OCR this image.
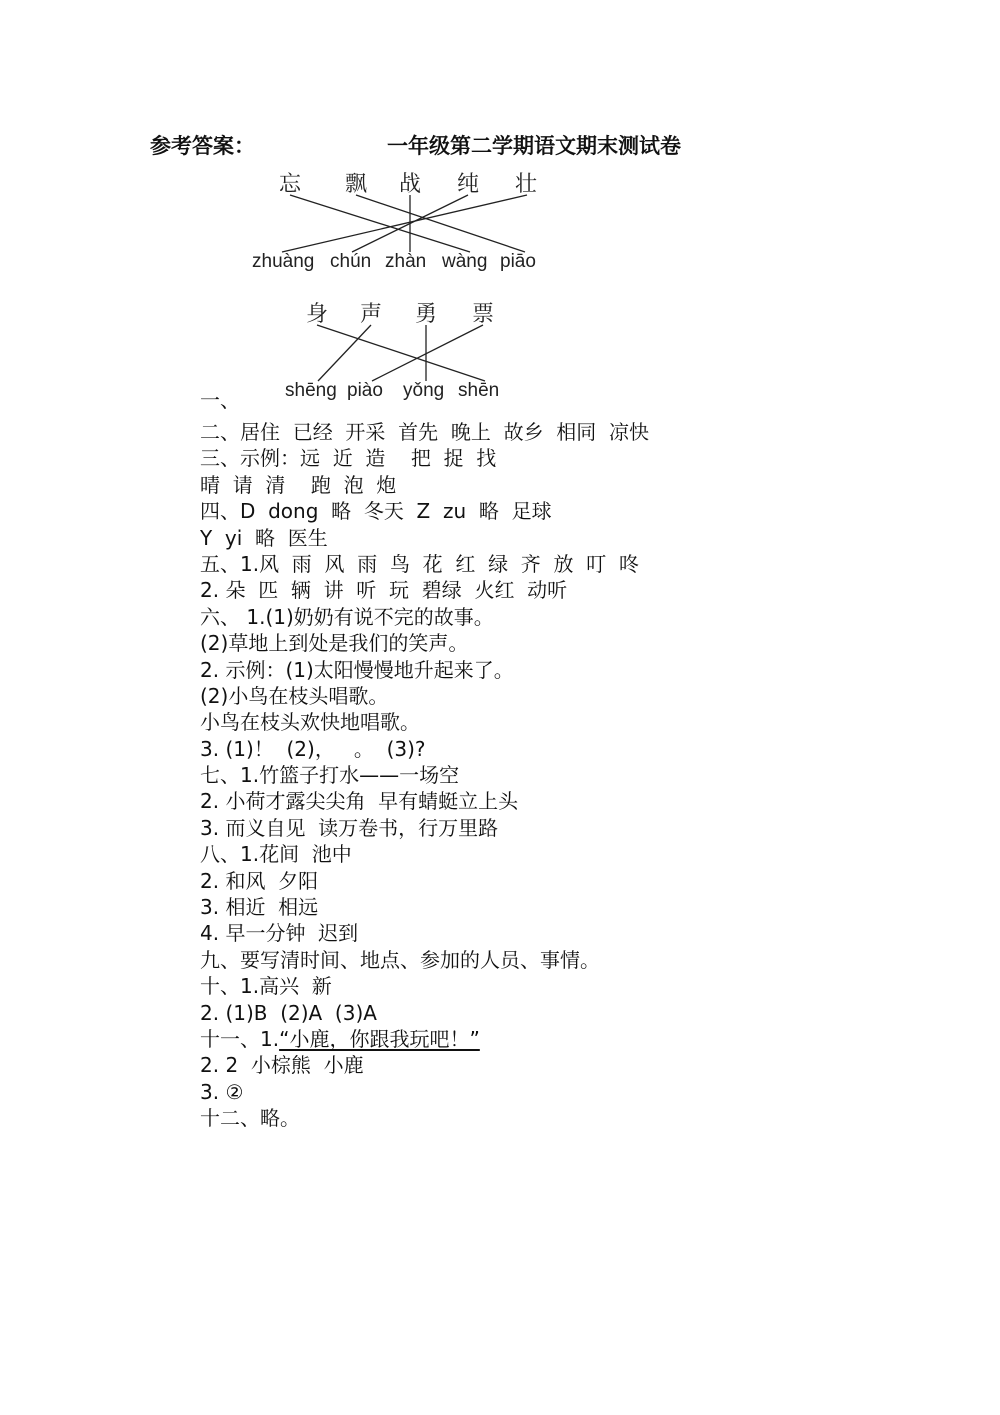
参考答案：	一年级第二学期语文期末测试卷
忘 飘 战 纯 壮
zhuàng chún zhàn wàng piāo
身 声 勇 票
shēng piào yǒng shēn
一、
二、居住  已经  开采  首先  晚上  故乡  相同  凉快
三、示例：远  近  造    把  捉  找
晴  请  清    跑  泡  炮
四、D  dong  略  冬天  Z  zu  略  足球
Y  yi  略  医生
五、1.风  雨  风  雨  鸟  花  红  绿  齐  放  叮  咚
2. 朵  匹  辆  讲  听  玩  碧绿  火红  动听
六、 1.(1)奶奶有说不完的故事。
(2)草地上到处是我们的笑声。
2. 示例：(1)太阳慢慢地升起来了。
(2)小鸟在枝头唱歌。
小鸟在枝头欢快地唱歌。
3. (1)！  (2)，   。  (3)?
七、1.竹篮子打水——一场空
2. 小荷才露尖尖角  早有蜻蜓立上头
3. 而义自见  读万卷书，行万里路
八、1.花间  池中
2. 和风  夕阳
3. 相近  相远
4. 早一分钟  迟到
九、要写清时间、地点、参加的人员、事情。
十、1.高兴  新
2. (1)B  (2)A  (3)A
十一、1.“小鹿，你跟我玩吧！”
2. 2  小棕熊  小鹿
3. ②
十二、略。
